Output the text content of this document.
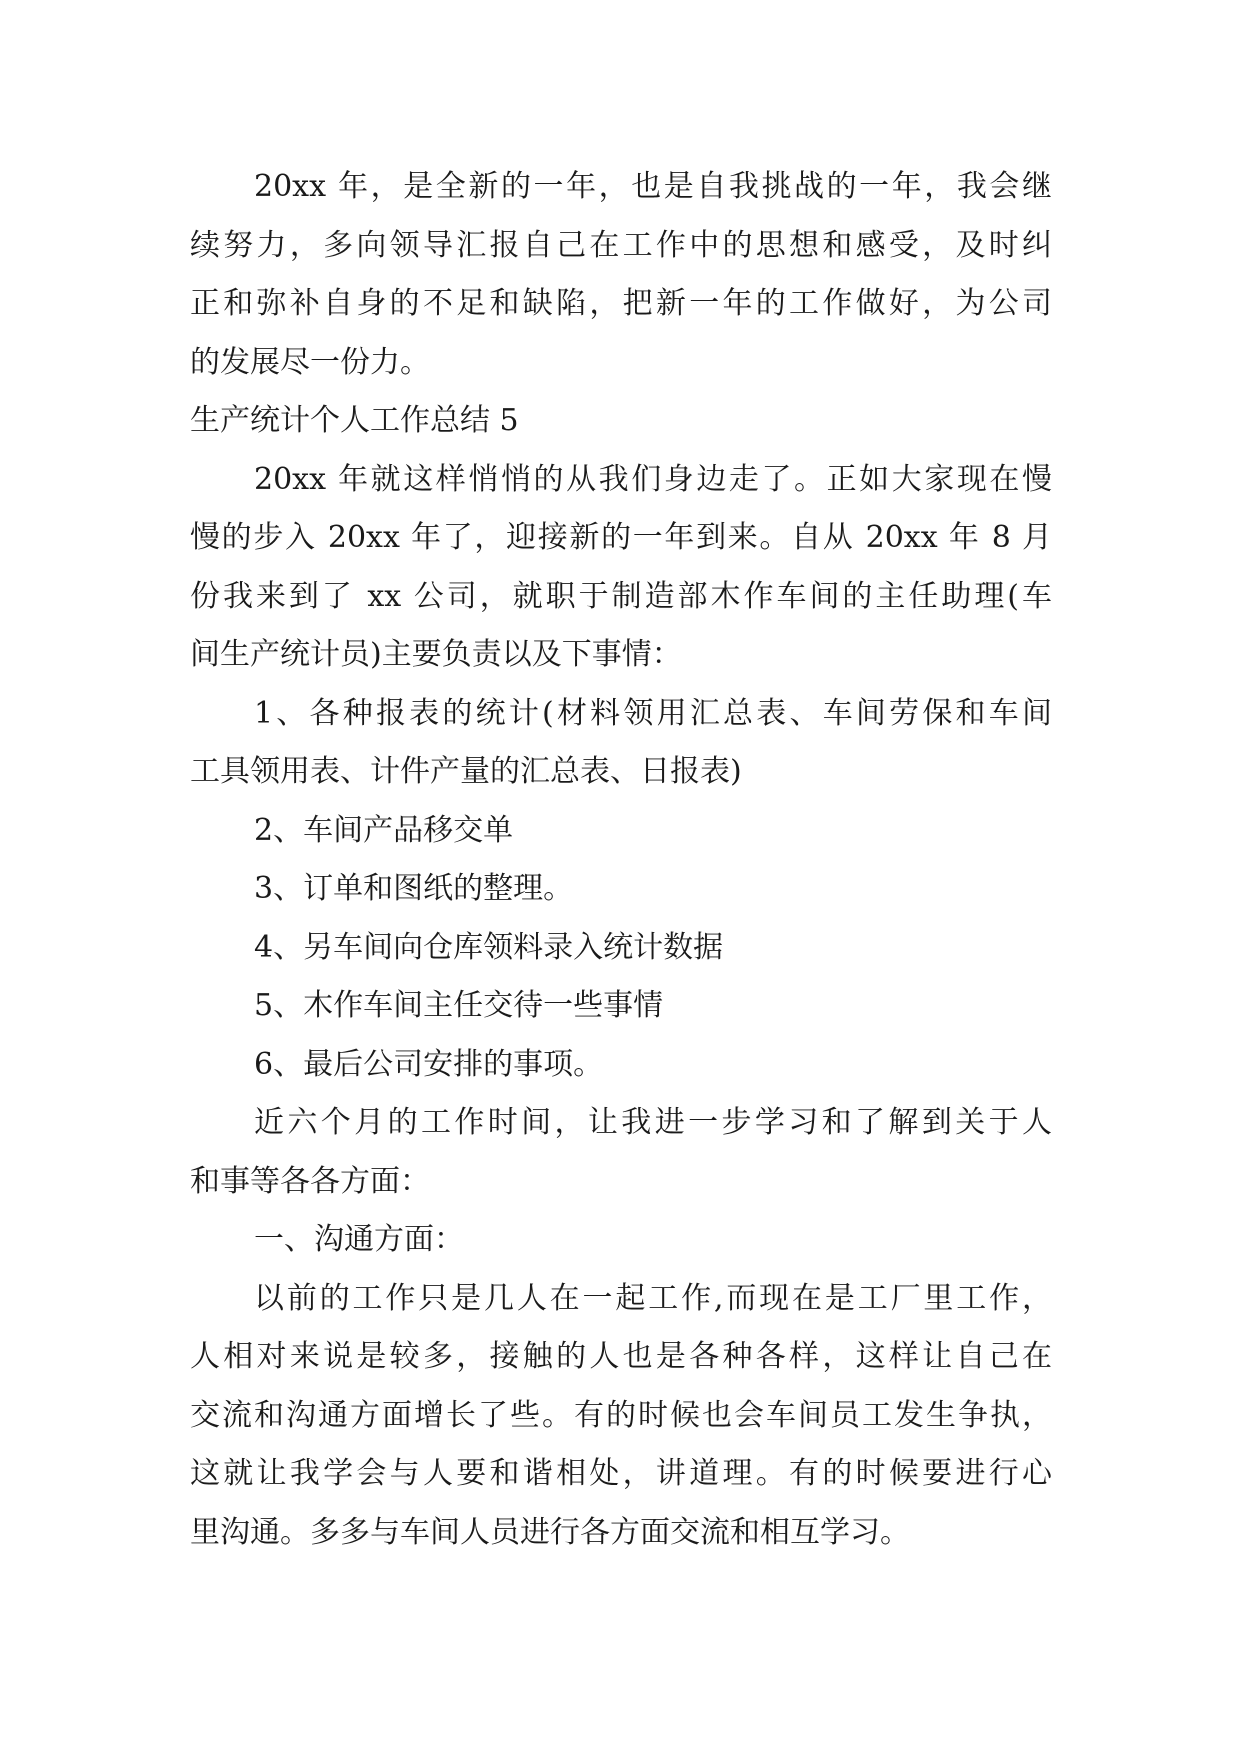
20xx 年，是全新的一年，也是自我挑战的一年，我会继
续努力，多向领导汇报自己在工作中的思想和感受，及时纠
正和弥补自身的不足和缺陷，把新一年的工作做好，为公司
的发展尽一份力。
生产统计个人工作总结 5
20xx 年就这样悄悄的从我们身边走了。正如大家现在慢
慢的步入 20xx 年了，迎接新的一年到来。自从 20xx 年 8 月
份我来到了 xx 公司，就职于制造部木作车间的主任助理(车
间生产统计员)主要负责以及下事情：
1、各种报表的统计(材料领用汇总表、车间劳保和车间
工具领用表、计件产量的汇总表、日报表)
2、车间产品移交单
3、订单和图纸的整理。
4、另车间向仓库领料录入统计数据
5、木作车间主任交待一些事情
6、最后公司安排的事项。
近六个月的工作时间，让我进一步学习和了解到关于人
和事等各各方面：
一、沟通方面：
以前的工作只是几人在一起工作,而现在是工厂里工作，
人相对来说是较多，接触的人也是各种各样，这样让自己在
交流和沟通方面增长了些。有的时候也会车间员工发生争执，
这就让我学会与人要和谐相处，讲道理。有的时候要进行心
里沟通。多多与车间人员进行各方面交流和相互学习。
